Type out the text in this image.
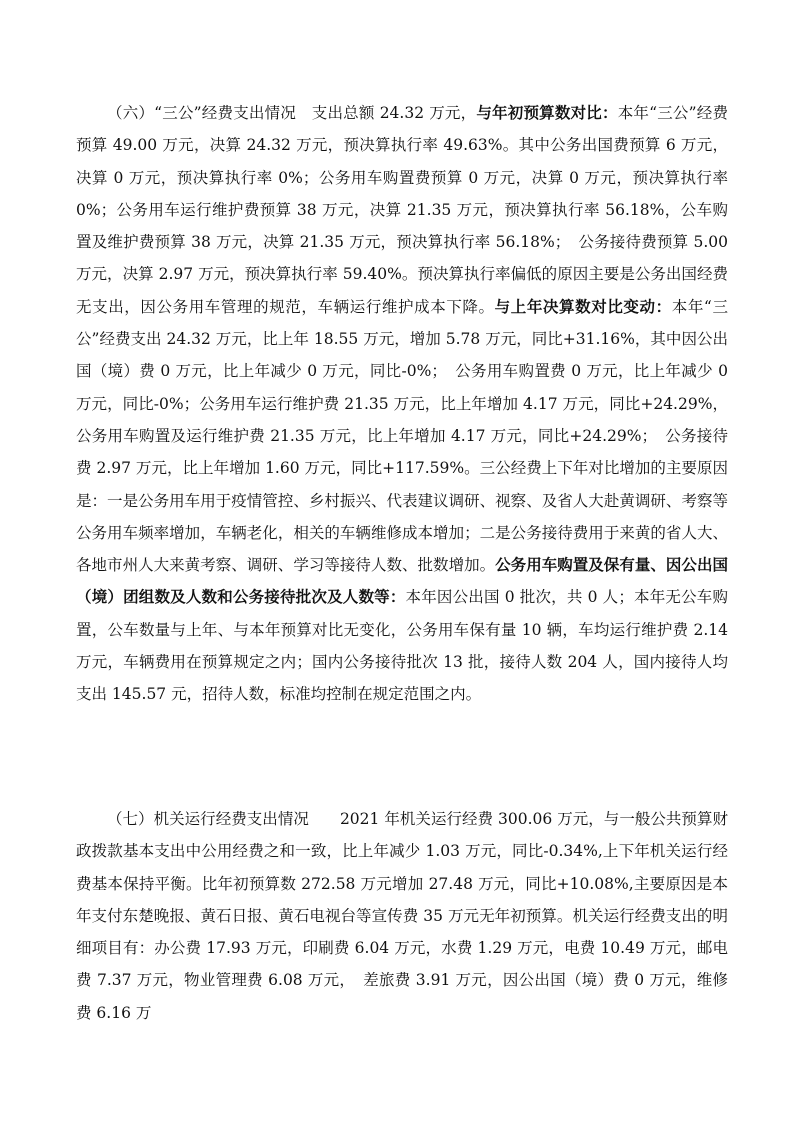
（六）“三公”经费支出情况　支出总额 24.32 万元，与年初预算数对比：本年“三公”经费预算 49.00 万元，决算 24.32 万元，预决算执行率 49.63%。其中公务出国费预算 6 万元，决算 0 万元，预决算执行率 0%；公务用车购置费预算 0 万元，决算 0 万元，预决算执行率 0%；公务用车运行维护费预算 38 万元，决算 21.35 万元，预决算执行率 56.18%，公车购置及维护费预算 38 万元，决算 21.35 万元，预决算执行率 56.18%；　公务接待费预算 5.00 万元，决算 2.97 万元，预决算执行率 59.40%。预决算执行率偏低的原因主要是公务出国经费无支出，因公务用车管理的规范，车辆运行维护成本下降。与上年决算数对比变动：本年“三公”经费支出 24.32 万元，比上年 18.55 万元，增加 5.78 万元，同比+31.16%，其中因公出国（境）费 0 万元，比上年减少 0 万元，同比-0%；　公务用车购置费 0 万元，比上年减少 0 万元，同比-0%；公务用车运行维护费 21.35 万元，比上年增加 4.17 万元，同比+24.29%，公务用车购置及运行维护费 21.35 万元，比上年增加 4.17 万元，同比+24.29%；　公务接待费 2.97 万元，比上年增加 1.60 万元，同比+117.59%。三公经费上下年对比增加的主要原因是：一是公务用车用于疫情管控、乡村振兴、代表建议调研、视察、及省人大赴黄调研、考察等公务用车频率增加，车辆老化，相关的车辆维修成本增加；二是公务接待费用于来黄的省人大、各地市州人大来黄考察、调研、学习等接待人数、批数增加。公务用车购置及保有量、因公出国（境）团组数及人数和公务接待批次及人数等：本年因公出国 0 批次，共 0 人；本年无公车购置，公车数量与上年、与本年预算对比无变化，公务用车保有量 10 辆，车均运行维护费 2.14 万元，车辆费用在预算规定之内；国内公务接待批次 13 批，接待人数 204 人，国内接待人均支出 145.57 元，招待人数，标准均控制在规定范围之内。

（七）机关运行经费支出情况　　2021 年机关运行经费 300.06 万元，与一般公共预算财政拨款基本支出中公用经费之和一致，比上年减少 1.03 万元，同比-0.34%,上下年机关运行经费基本保持平衡。比年初预算数 272.58 万元增加 27.48 万元，同比+10.08%,主要原因是本年支付东楚晚报、黄石日报、黄石电视台等宣传费 35 万元无年初预算。机关运行经费支出的明细项目有：办公费 17.93 万元，印刷费 6.04 万元，水费 1.29 万元，电费 10.49 万元，邮电费 7.37 万元，物业管理费 6.08 万元，　差旅费 3.91 万元，因公出国（境）费 0 万元，维修费 6.16 万
